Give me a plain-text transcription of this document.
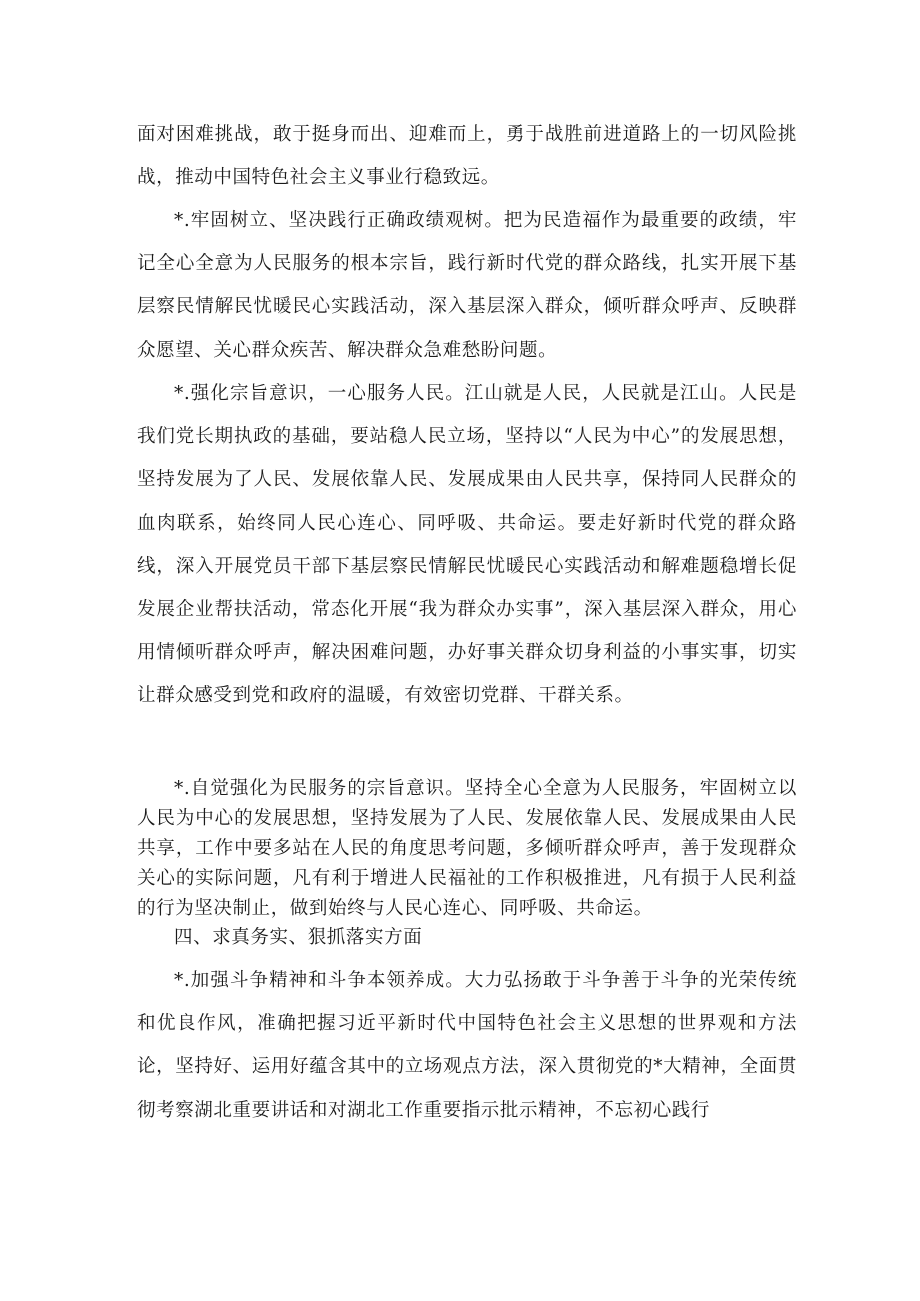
面对困难挑战，敢于挺身而出、迎难而上，勇于战胜前进道路上的一切风险挑战，推动中国特色社会主义事业行稳致远。

*.牢固树立、坚决践行正确政绩观树。把为民造福作为最重要的政绩，牢记全心全意为人民服务的根本宗旨，践行新时代党的群众路线，扎实开展下基层察民情解民忧暖民心实践活动，深入基层深入群众，倾听群众呼声、反映群众愿望、关心群众疾苦、解决群众急难愁盼问题。

*.强化宗旨意识，一心服务人民。江山就是人民，人民就是江山。人民是我们党长期执政的基础，要站稳人民立场，坚持以“人民为中心”的发展思想，坚持发展为了人民、发展依靠人民、发展成果由人民共享，保持同人民群众的血肉联系，始终同人民心连心、同呼吸、共命运。要走好新时代党的群众路线，深入开展党员干部下基层察民情解民忧暖民心实践活动和解难题稳增长促发展企业帮扶活动，常态化开展“我为群众办实事”，深入基层深入群众，用心用情倾听群众呼声，解决困难问题，办好事关群众切身利益的小事实事，切实让群众感受到党和政府的温暖，有效密切党群、干群关系。

*.自觉强化为民服务的宗旨意识。坚持全心全意为人民服务，牢固树立以人民为中心的发展思想，坚持发展为了人民、发展依靠人民、发展成果由人民共享，工作中要多站在人民的角度思考问题，多倾听群众呼声，善于发现群众关心的实际问题，凡有利于增进人民福祉的工作积极推进，凡有损于人民利益的行为坚决制止，做到始终与人民心连心、同呼吸、共命运。

四、求真务实、狠抓落实方面

*.加强斗争精神和斗争本领养成。大力弘扬敢于斗争善于斗争的光荣传统和优良作风，准确把握习近平新时代中国特色社会主义思想的世界观和方法论，坚持好、运用好蕴含其中的立场观点方法，深入贯彻党的*大精神，全面贯彻考察湖北重要讲话和对湖北工作重要指示批示精神，不忘初心践行
